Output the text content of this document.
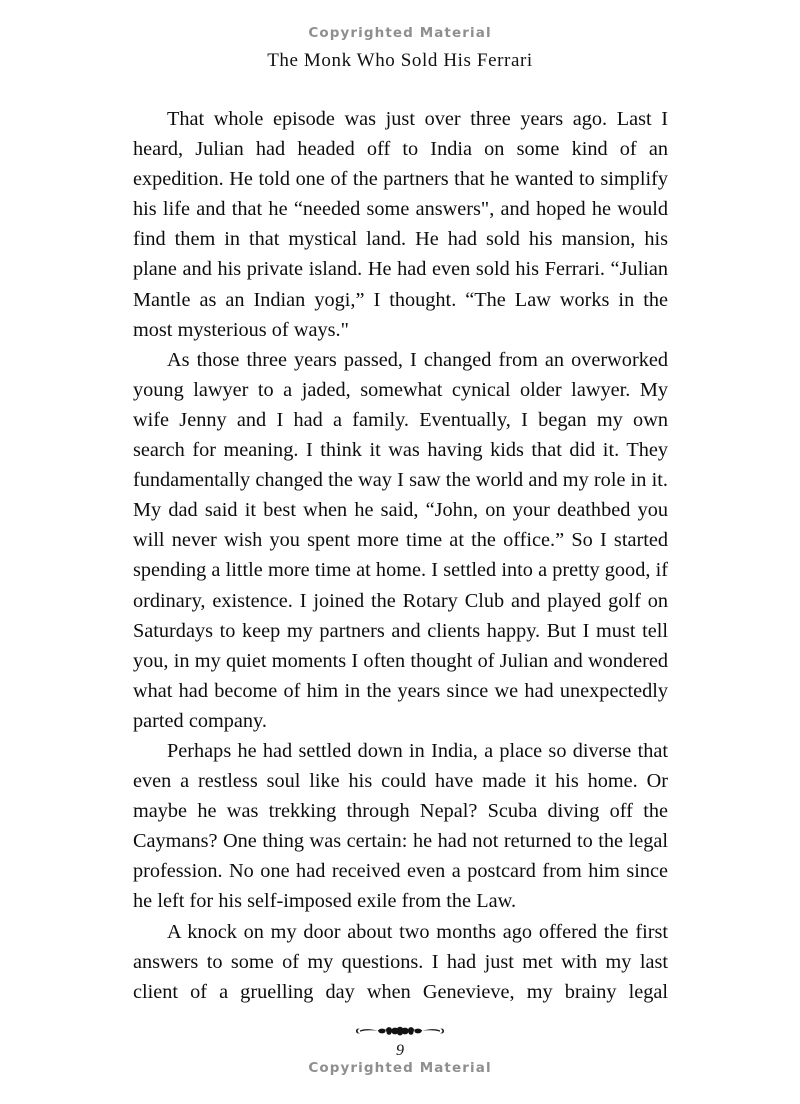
Copyrighted Material
The Monk Who Sold His Ferrari

That whole episode was just over three years ago. Last I heard, Julian had headed off to India on some kind of an expedition. He told one of the partners that he wanted to simplify his life and that he “needed some answers", and hoped he would find them in that mystical land. He had sold his mansion, his plane and his private island. He had even sold his Ferrari. “Julian Mantle as an Indian yogi,” I thought. “The Law works in the most mysterious of ways."

As those three years passed, I changed from an overworked young lawyer to a jaded, somewhat cynical older lawyer. My wife Jenny and I had a family. Eventually, I began my own search for meaning. I think it was having kids that did it. They fundamentally changed the way I saw the world and my role in it. My dad said it best when he said, “John, on your deathbed you will never wish you spent more time at the office.” So I started spending a little more time at home. I settled into a pretty good, if ordinary, existence. I joined the Rotary Club and played golf on Saturdays to keep my partners and clients happy. But I must tell you, in my quiet moments I often thought of Julian and wondered what had become of him in the years since we had unexpectedly parted company.

Perhaps he had settled down in India, a place so diverse that even a restless soul like his could have made it his home. Or maybe he was trekking through Nepal? Scuba diving off the Caymans? One thing was certain: he had not returned to the legal profession. No one had received even a postcard from him since he left for his self-imposed exile from the Law.

A knock on my door about two months ago offered the first answers to some of my questions. I had just met with my last client of a gruelling day when Genevieve, my brainy legal

9
Copyrighted Material
